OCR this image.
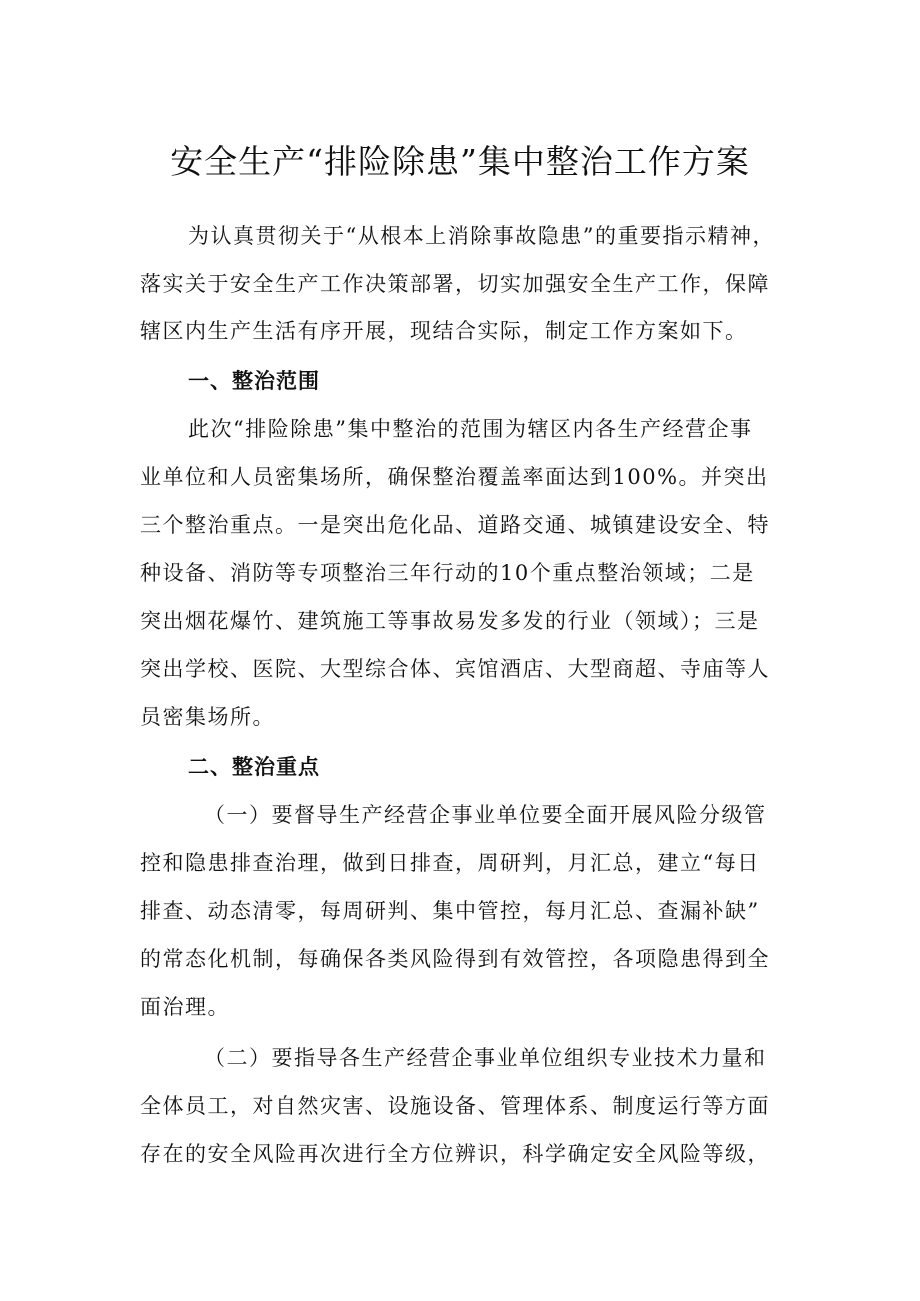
安全生产“排险除患”集中整治工作方案
为认真贯彻关于“从根本上消除事故隐患”的重要指示精神，
落实关于安全生产工作决策部署，切实加强安全生产工作，保障
辖区内生产生活有序开展，现结合实际，制定工作方案如下。
一、整治范围
此次“排险除患”集中整治的范围为辖区内各生产经营企事
业单位和人员密集场所，确保整治覆盖率面达到100%。并突出
三个整治重点。一是突出危化品、道路交通、城镇建设安全、特
种设备、消防等专项整治三年行动的10个重点整治领域；二是
突出烟花爆竹、建筑施工等事故易发多发的行业（领域）；三是
突出学校、医院、大型综合体、宾馆酒店、大型商超、寺庙等人
员密集场所。
二、整治重点
（一）要督导生产经营企事业单位要全面开展风险分级管
控和隐患排查治理，做到日排查，周研判，月汇总，建立“每日
排查、动态清零，每周研判、集中管控，每月汇总、查漏补缺”
的常态化机制，每确保各类风险得到有效管控，各项隐患得到全
面治理。
（二）要指导各生产经营企事业单位组织专业技术力量和
全体员工，对自然灾害、设施设备、管理体系、制度运行等方面
存在的安全风险再次进行全方位辨识，科学确定安全风险等级，
